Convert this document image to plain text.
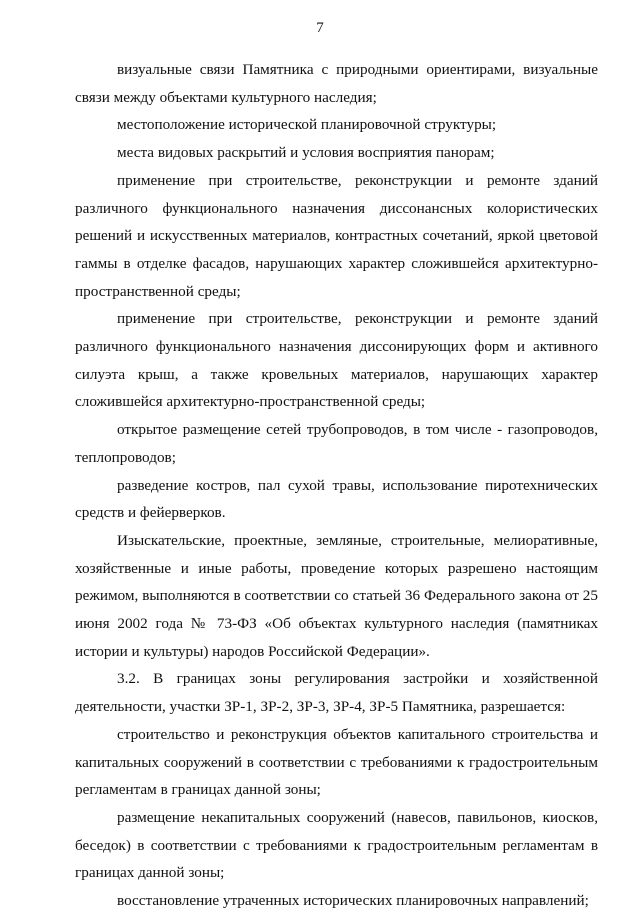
7

визуальные связи Памятника с природными ориентирами, визуальные связи между объектами культурного наследия;

местоположение исторической планировочной структуры;

места видовых раскрытий и условия восприятия панорам;

применение при строительстве, реконструкции и ремонте зданий различного функционального назначения диссонансных колористических решений и искусственных материалов, контрастных сочетаний, яркой цветовой гаммы в отделке фасадов, нарушающих характер сложившейся архитектурно-пространственной среды;

применение при строительстве, реконструкции и ремонте зданий различного функционального назначения диссонирующих форм и активного силуэта крыш, а также кровельных материалов, нарушающих характер сложившейся архитектурно-пространственной среды;

открытое размещение сетей трубопроводов, в том числе - газопроводов, теплопроводов;

разведение костров, пал сухой травы, использование пиротехнических средств и фейерверков.

Изыскательские, проектные, земляные, строительные, мелиоративные, хозяйственные и иные работы, проведение которых разрешено настоящим режимом, выполняются в соответствии со статьей 36 Федерального закона от 25 июня 2002 года № 73-ФЗ «Об объектах культурного наследия (памятниках истории и культуры) народов Российской Федерации».

3.2. В границах зоны регулирования застройки и хозяйственной деятельности, участки ЗР-1, ЗР-2, ЗР-3, ЗР-4, ЗР-5 Памятника, разрешается:

строительство и реконструкция объектов капитального строительства и капитальных сооружений в соответствии с требованиями к градостроительным регламентам в границах данной зоны;

размещение некапитальных сооружений (навесов, павильонов, киосков, беседок) в соответствии с требованиями к градостроительным регламентам в границах данной зоны;

восстановление утраченных исторических планировочных направлений;
